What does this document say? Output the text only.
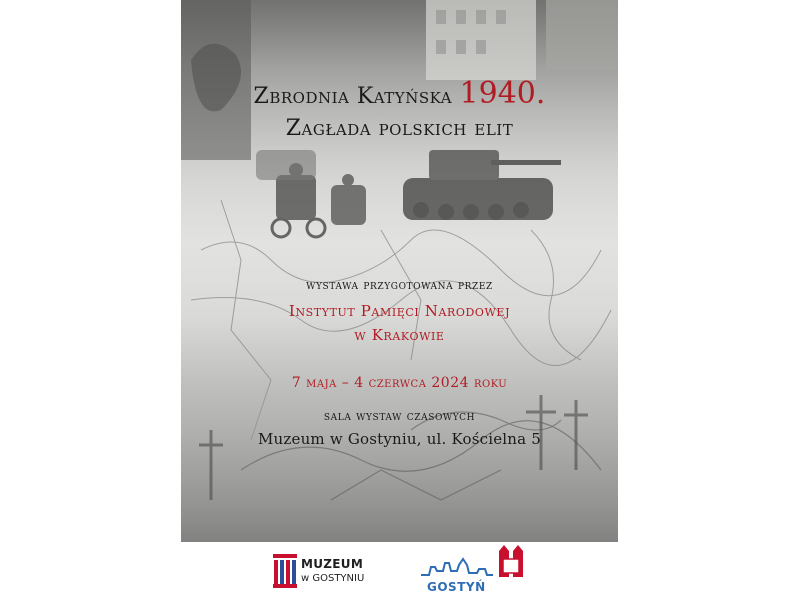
Zbrodnia Katyńska 1940.
Zagłada polskich elit
wystawa przygotowana przez
Instytut Pamięci Narodowej
w Krakowie
7 maja – 4 czerwca 2024 roku
sala wystaw czasowych
Muzeum w Gostyniu, ul. Kościelna 5
MUZEUM
w GOSTYNIU
GOSTYŃ
